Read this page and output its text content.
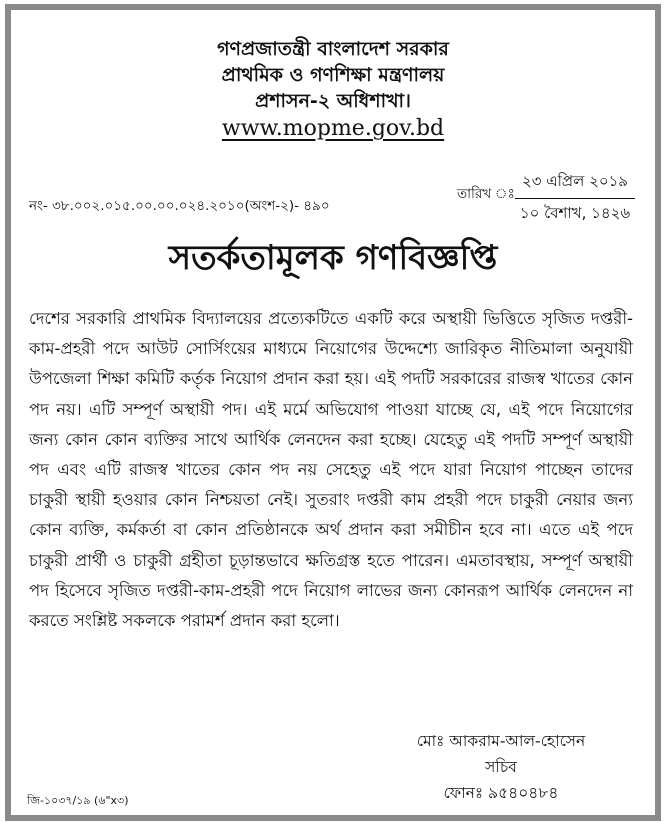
গণপ্রজাতন্ত্রী বাংলাদেশ সরকার
প্রাথমিক ও গণশিক্ষা মন্ত্রণালয়
প্রশাসন-২ অধিশাখা।
www.mopme.gov.bd
নং- ৩৮.০০২.০১৫.০০.০০.০২৪.২০১০(অংশ-২)- ৪৯০
তারিখ ঃ
২৩ এপ্রিল ২০১৯
১০ বৈশাখ, ১৪২৬
সতর্কতামূলক গণবিজ্ঞপ্তি

দেশের সরকারি প্রাথমিক বিদ্যালয়ের প্রত্যেকটিতে একটি করে অস্থায়ী ভিত্তিতে সৃজিত দপ্তরী-কাম-প্রহরী পদে আউট সোর্সিংয়ের মাধ্যমে নিয়োগের উদ্দেশ্যে জারিকৃত নীতিমালা অনুযায়ী উপজেলা শিক্ষা কমিটি কর্তৃক নিয়োগ প্রদান করা হয়। এই পদটি সরকারের রাজস্ব খাতের কোন পদ নয়। এটি সম্পূর্ণ অস্থায়ী পদ। এই মর্মে অভিযোগ পাওয়া যাচ্ছে যে, এই পদে নিয়োগের জন্য কোন কোন ব্যক্তির সাথে আর্থিক লেনদেন করা হচ্ছে। যেহেতু এই পদটি সম্পূর্ণ অস্থায়ী পদ এবং এটি রাজস্ব খাতের কোন পদ নয় সেহেতু এই পদে যারা নিয়োগ পাচ্ছেন তাদের চাকুরী স্থায়ী হওয়ার কোন নিশ্চয়তা নেই। সুতরাং দপ্তরী কাম প্রহরী পদে চাকুরী নেয়ার জন্য কোন ব্যক্তি, কর্মকর্তা বা কোন প্রতিষ্ঠানকে অর্থ প্রদান করা সমীচীন হবে না। এতে এই পদে চাকুরী প্রার্থী ও চাকুরী গ্রহীতা চূড়ান্তভাবে ক্ষতিগ্রস্ত হতে পারেন। এমতাবস্থায়, সম্পূর্ণ অস্থায়ী পদ হিসেবে সৃজিত দপ্তরী-কাম-প্রহরী পদে নিয়োগ লাভের জন্য কোনরূপ আর্থিক লেনদেন না করতে সংশ্লিষ্ট সকলকে পরামর্শ প্রদান করা হলো।

মোঃ আকরাম-আল-হোসেন
সচিব
ফোনঃ ৯৫৪০৪৮৪
জি-১০৩৭/১৯ (৬"x৩)
